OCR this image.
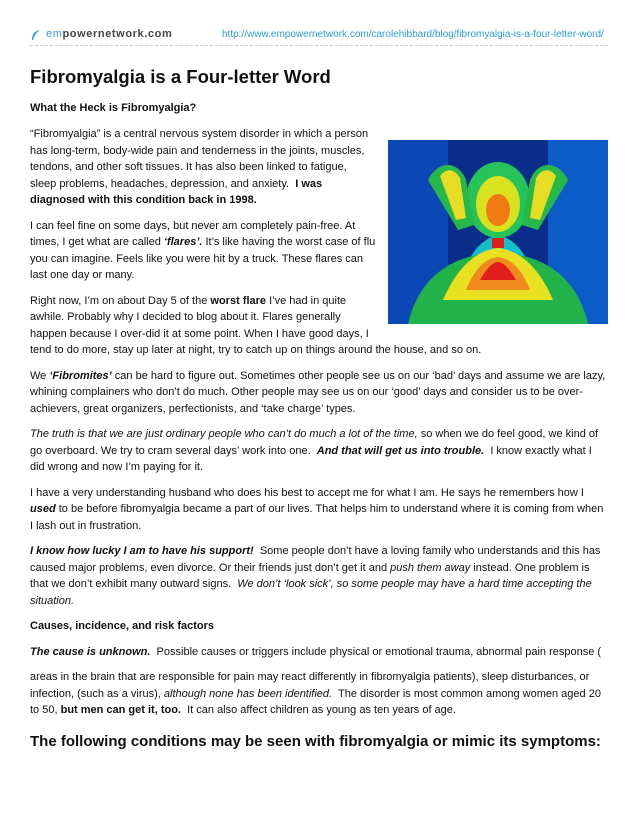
empowernetwork.com	http://www.empowernetwork.com/carolehibbard/blog/fibromyalgia-is-a-four-letter-word/
Fibromyalgia is a Four-letter Word
What the Heck is Fibromyalgia?

“Fibromyalgia” is a central nervous system disorder in which a person has long-term, body-wide pain and tenderness in the joints, muscles, tendons, and other soft tissues. It has also been linked to fatigue, sleep problems, headaches, depression, and anxiety. I was diagnosed with this condition back in 1998.

I can feel fine on some days, but never am completely pain-free. At times, I get what are called ‘flares’. It’s like having the worst case of flu you can imagine. Feels like you were hit by a truck. These flares can last one day or many.

Right now, I’m on about Day 5 of the worst flare I’ve had in quite awhile. Probably why I decided to blog about it. Flares generally happen because I over-did it at some point. When I have good days, I tend to do more, stay up later at night, try to catch up on things around the house, and so on.

We ‘Fibromites’ can be hard to figure out. Sometimes other people see us on our ‘bad’ days and assume we are lazy, whining complainers who don’t do much. Other people may see us on our ‘good’ days and consider us to be over-achievers, great organizers, perfectionists, and ‘take charge’ types.

The truth is that we are just ordinary people who can’t do much a lot of the time, so when we do feel good, we kind of go overboard. We try to cram several days’ work into one. And that will get us into trouble. I know exactly what I did wrong and now I’m paying for it.

I have a very understanding husband who does his best to accept me for what I am. He says he remembers how I used to be before fibromyalgia became a part of our lives. That helps him to understand where it is coming from when I lash out in frustration.

I know how lucky I am to have his support! Some people don’t have a loving family who understands and this has caused major problems, even divorce. Or their friends just don’t get it and push them away instead. One problem is that we don’t exhibit many outward signs. We don’t ‘look sick’, so some people may have a hard time accepting the situation.

Causes, incidence, and risk factors

The cause is unknown. Possible causes or triggers include physical or emotional trauma, abnormal pain response (

areas in the brain that are responsible for pain may react differently in fibromyalgia patients), sleep disturbances, or infection, (such as a virus), although none has been identified. The disorder is most common among women aged 20 to 50, but men can get it, too. It can also affect children as young as ten years of age.

The following conditions may be seen with fibromyalgia or mimic its symptoms:
